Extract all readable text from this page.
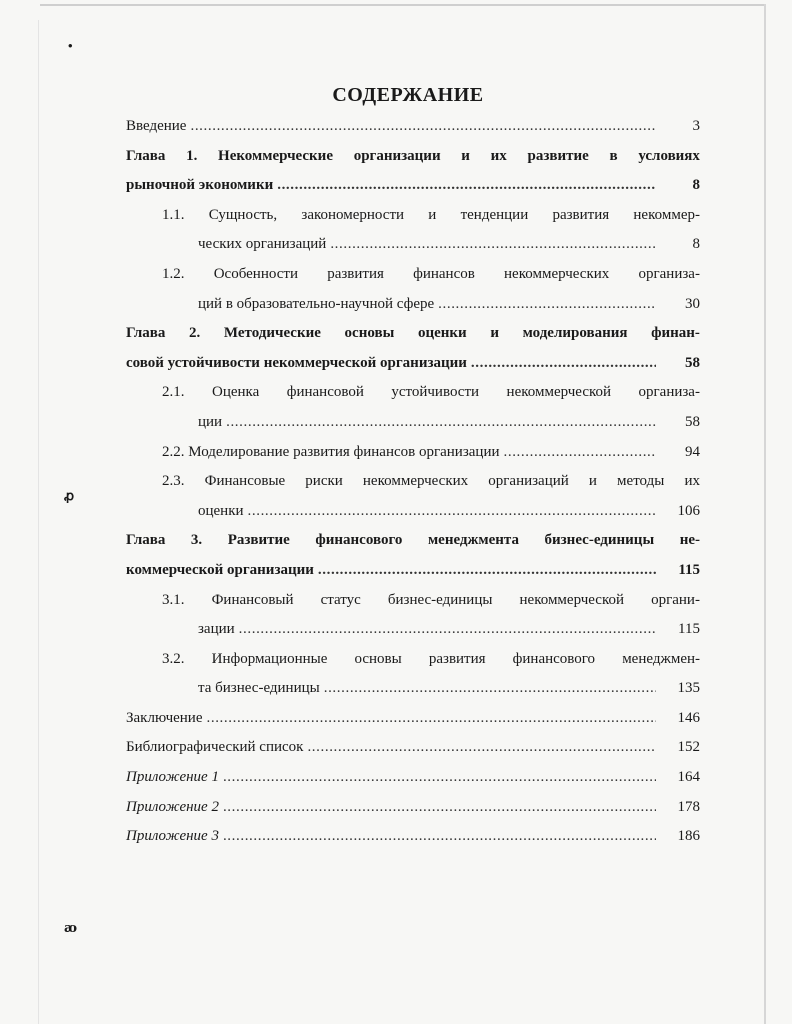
•
ꝓ
ꜵ
СОДЕРЖАНИЕ
Введение .....	3
Глава 1. Некоммерческие организации и их развитие в условиях
рыночной экономики .....	8
1.1. Сущность, закономерности и тенденции развития некоммер-
ческих организаций .....	8
1.2. Особенности развития финансов некоммерческих организа-
ций в образовательно-научной сфере .....	30
Глава 2. Методические основы оценки и моделирования финан-
совой устойчивости некоммерческой организации .....	58
2.1. Оценка финансовой устойчивости некоммерческой организа-
ции .....	58
2.2. Моделирование развития финансов организации .....	94
2.3. Финансовые риски некоммерческих организаций и методы их
оценки .....	106
Глава 3. Развитие финансового менеджмента бизнес-единицы не-
коммерческой организации .....	115
3.1. Финансовый статус бизнес-единицы некоммерческой органи-
зации .....	115
3.2. Информационные основы развития финансового менеджмен-
та бизнес-единицы .....	135
Заключение .....	146
Библиографический список .....	152
Приложение 1 .....	164
Приложение 2 .....	178
Приложение 3 .....	186
